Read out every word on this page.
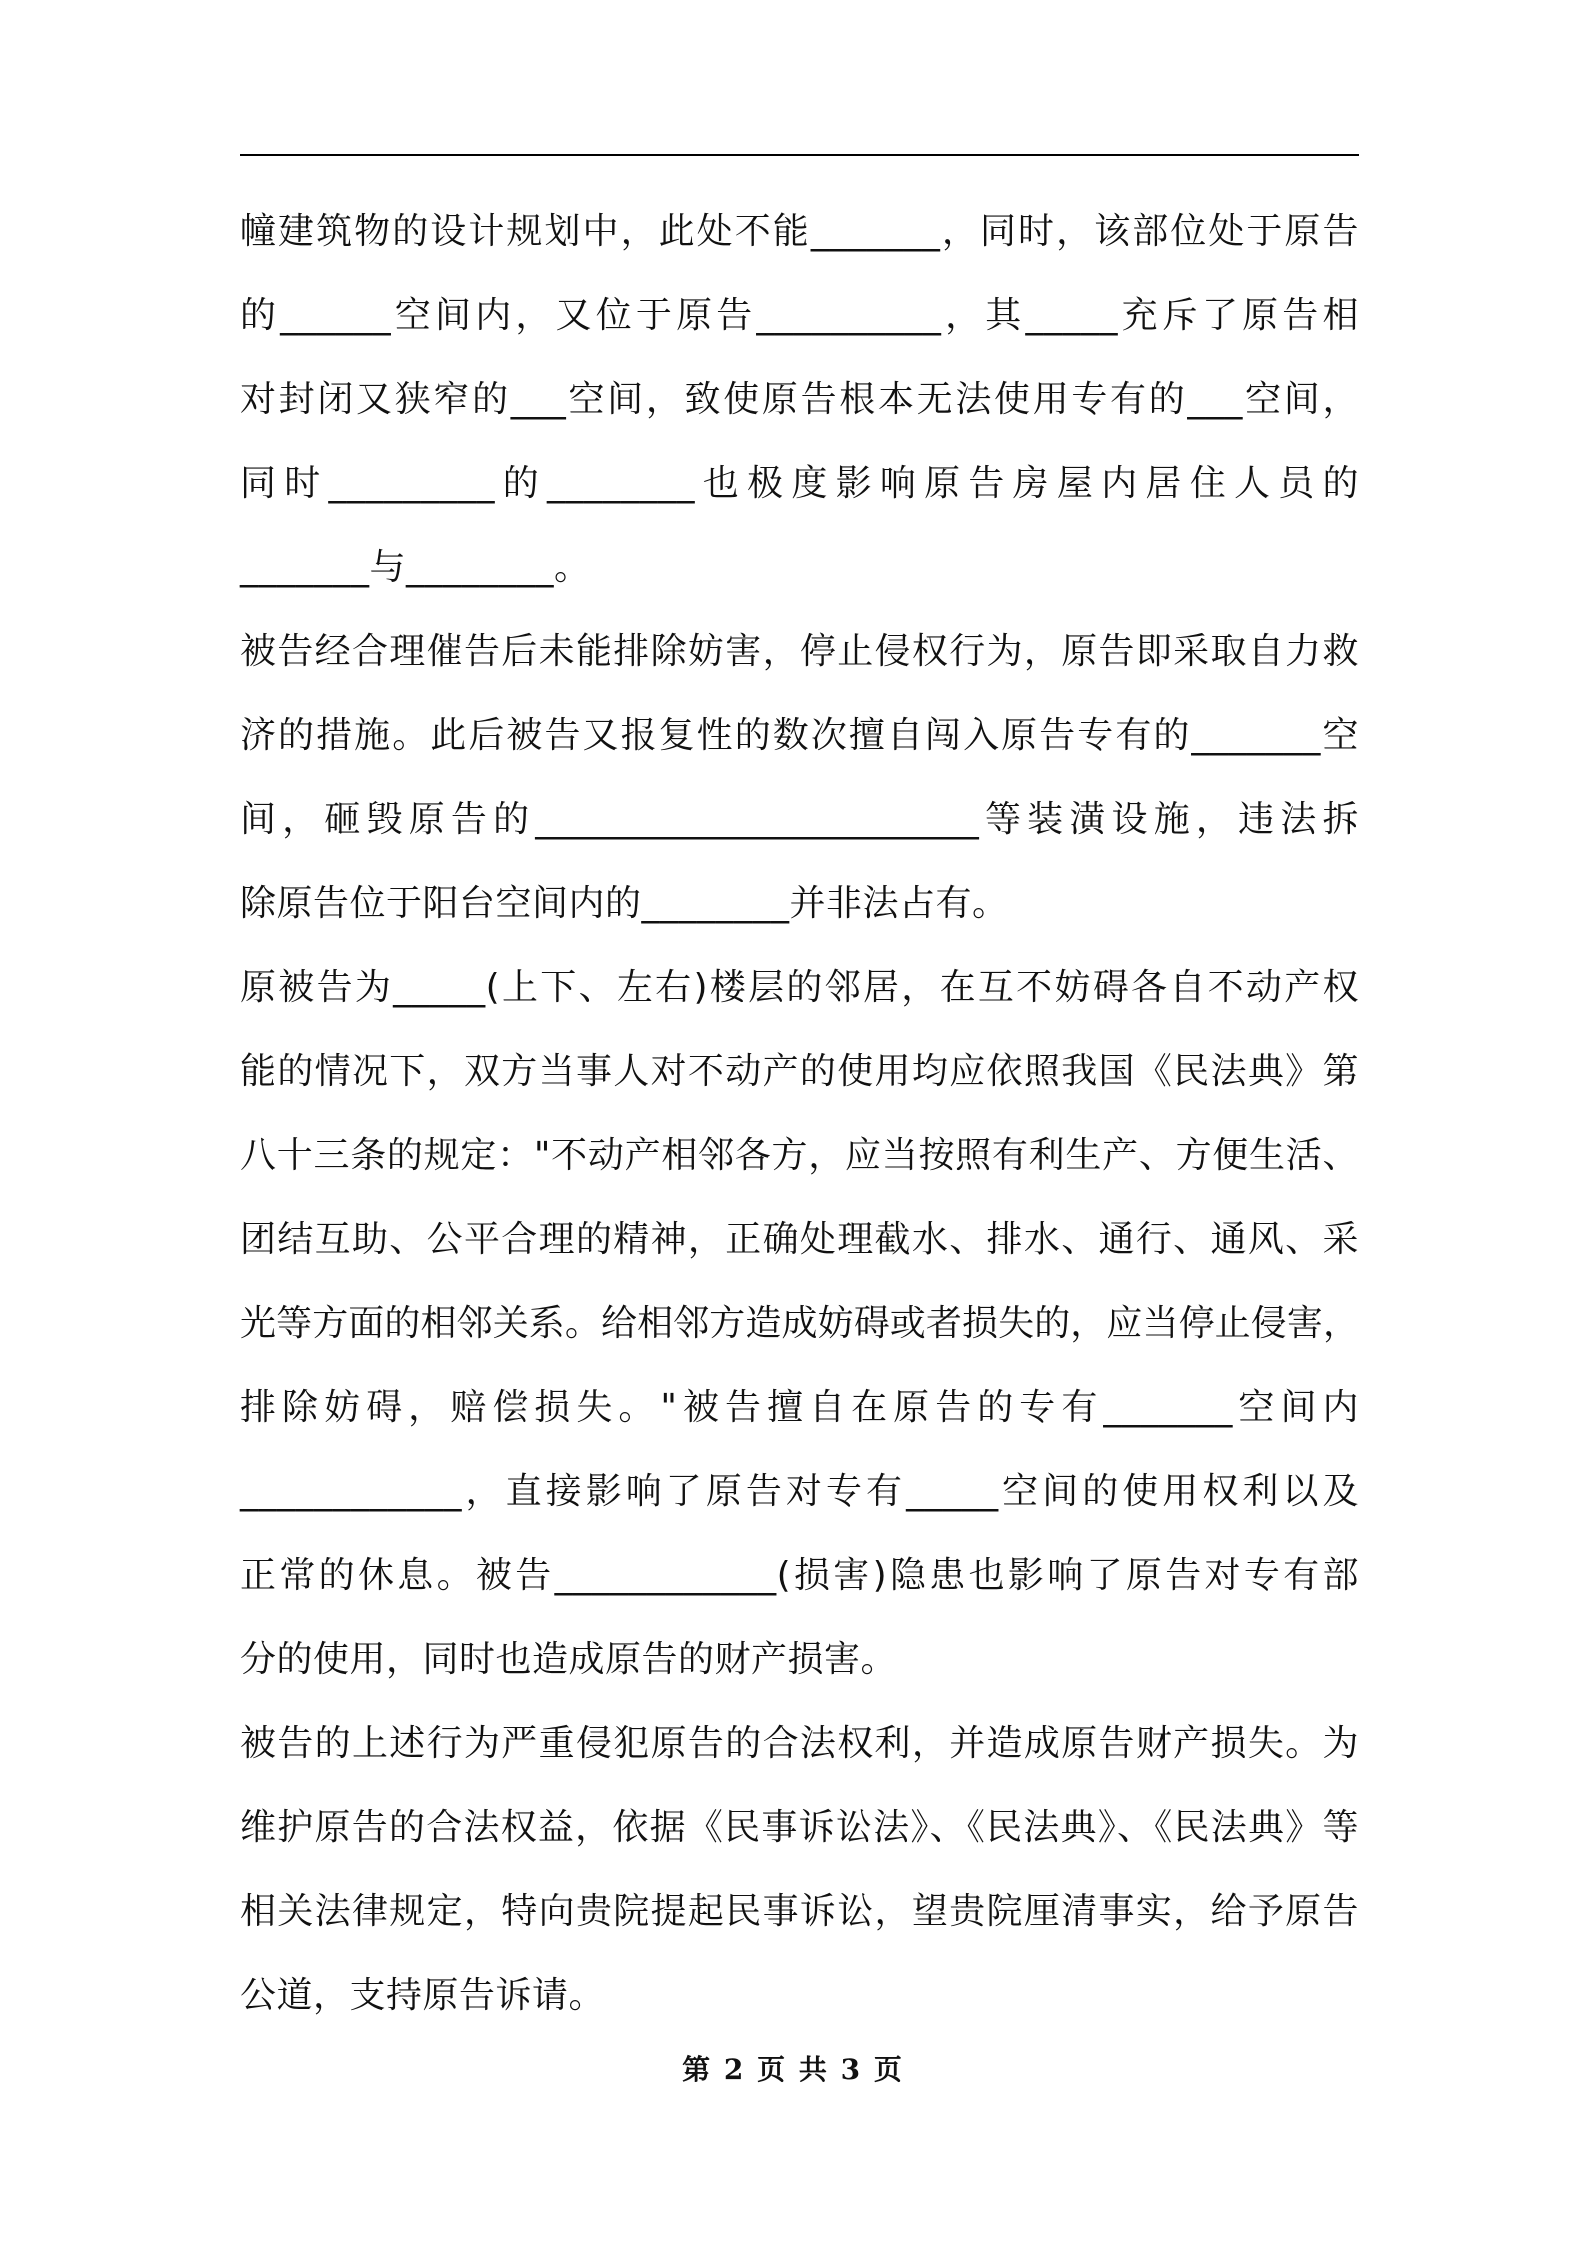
幢建筑物的设计规划中，此处不能_______，同时，该部位处于原告
的______空间内，又位于原告__________，其_____充斥了原告相
对封闭又狭窄的___空间，致使原告根本无法使用专有的___空间，
同时_________的________也极度影响原告房屋内居住人员的
_______与________。
被告经合理催告后未能排除妨害，停止侵权行为，原告即采取自力救
济的措施。此后被告又报复性的数次擅自闯入原告专有的_______空
间，砸毁原告的________________________等装潢设施，违法拆
除原告位于阳台空间内的________并非法占有。
原被告为_____(上下、左右)楼层的邻居，在互不妨碍各自不动产权
能的情况下，双方当事人对不动产的使用均应依照我国《民法典》第
八十三条的规定："不动产相邻各方，应当按照有利生产、方便生活、
团结互助、公平合理的精神，正确处理截水、排水、通行、通风、采
光等方面的相邻关系。给相邻方造成妨碍或者损失的，应当停止侵害，
排除妨碍，赔偿损失。"被告擅自在原告的专有_______空间内
____________，直接影响了原告对专有_____空间的使用权利以及
正常的休息。被告____________(损害)隐患也影响了原告对专有部
分的使用，同时也造成原告的财产损害。
被告的上述行为严重侵犯原告的合法权利，并造成原告财产损失。为
维护原告的合法权益，依据《民事诉讼法》、《民法典》、《民法典》等
相关法律规定，特向贵院提起民事诉讼，望贵院厘清事实，给予原告
公道，支持原告诉请。
第 2 页 共 3 页
